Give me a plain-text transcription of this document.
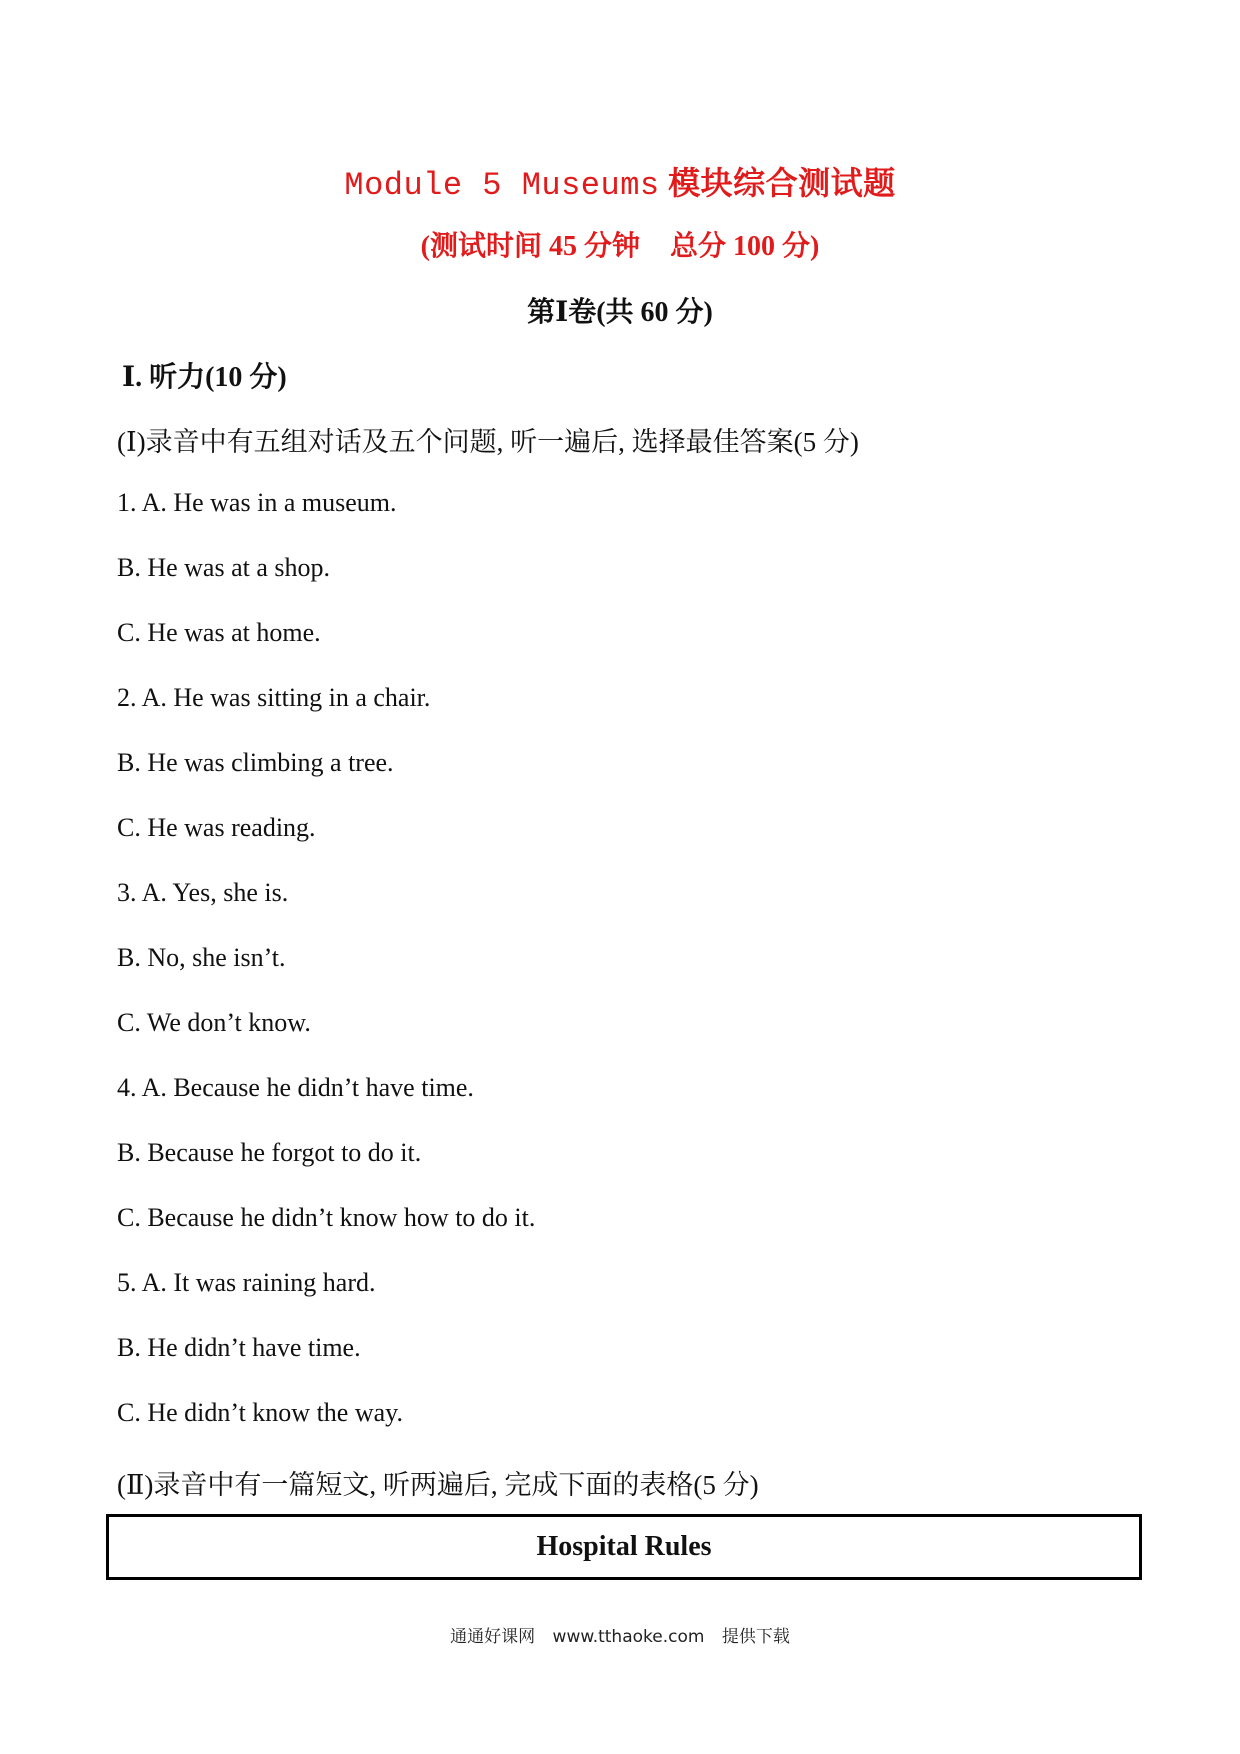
Module 5 Museums 模块综合测试题
(测试时间 45 分钟 总分 100 分)
第Ⅰ卷(共 60 分)
Ⅰ. 听力(10 分)
(Ⅰ)录音中有五组对话及五个问题, 听一遍后, 选择最佳答案(5 分)
1. A. He was in a museum.
B. He was at a shop.
C. He was at home.
2. A. He was sitting in a chair.
B. He was climbing a tree.
C. He was reading.
3. A. Yes, she is.
B. No, she isn’t.
C. We don’t know.
4. A. Because he didn’t have time.
B. Because he forgot to do it.
C. Because he didn’t know how to do it.
5. A. It was raining hard.
B. He didn’t have time.
C. He didn’t know the way.
(Ⅱ)录音中有一篇短文, 听两遍后, 完成下面的表格(5 分)
Hospital Rules
通通好课网 www.tthaoke.com 提供下载
